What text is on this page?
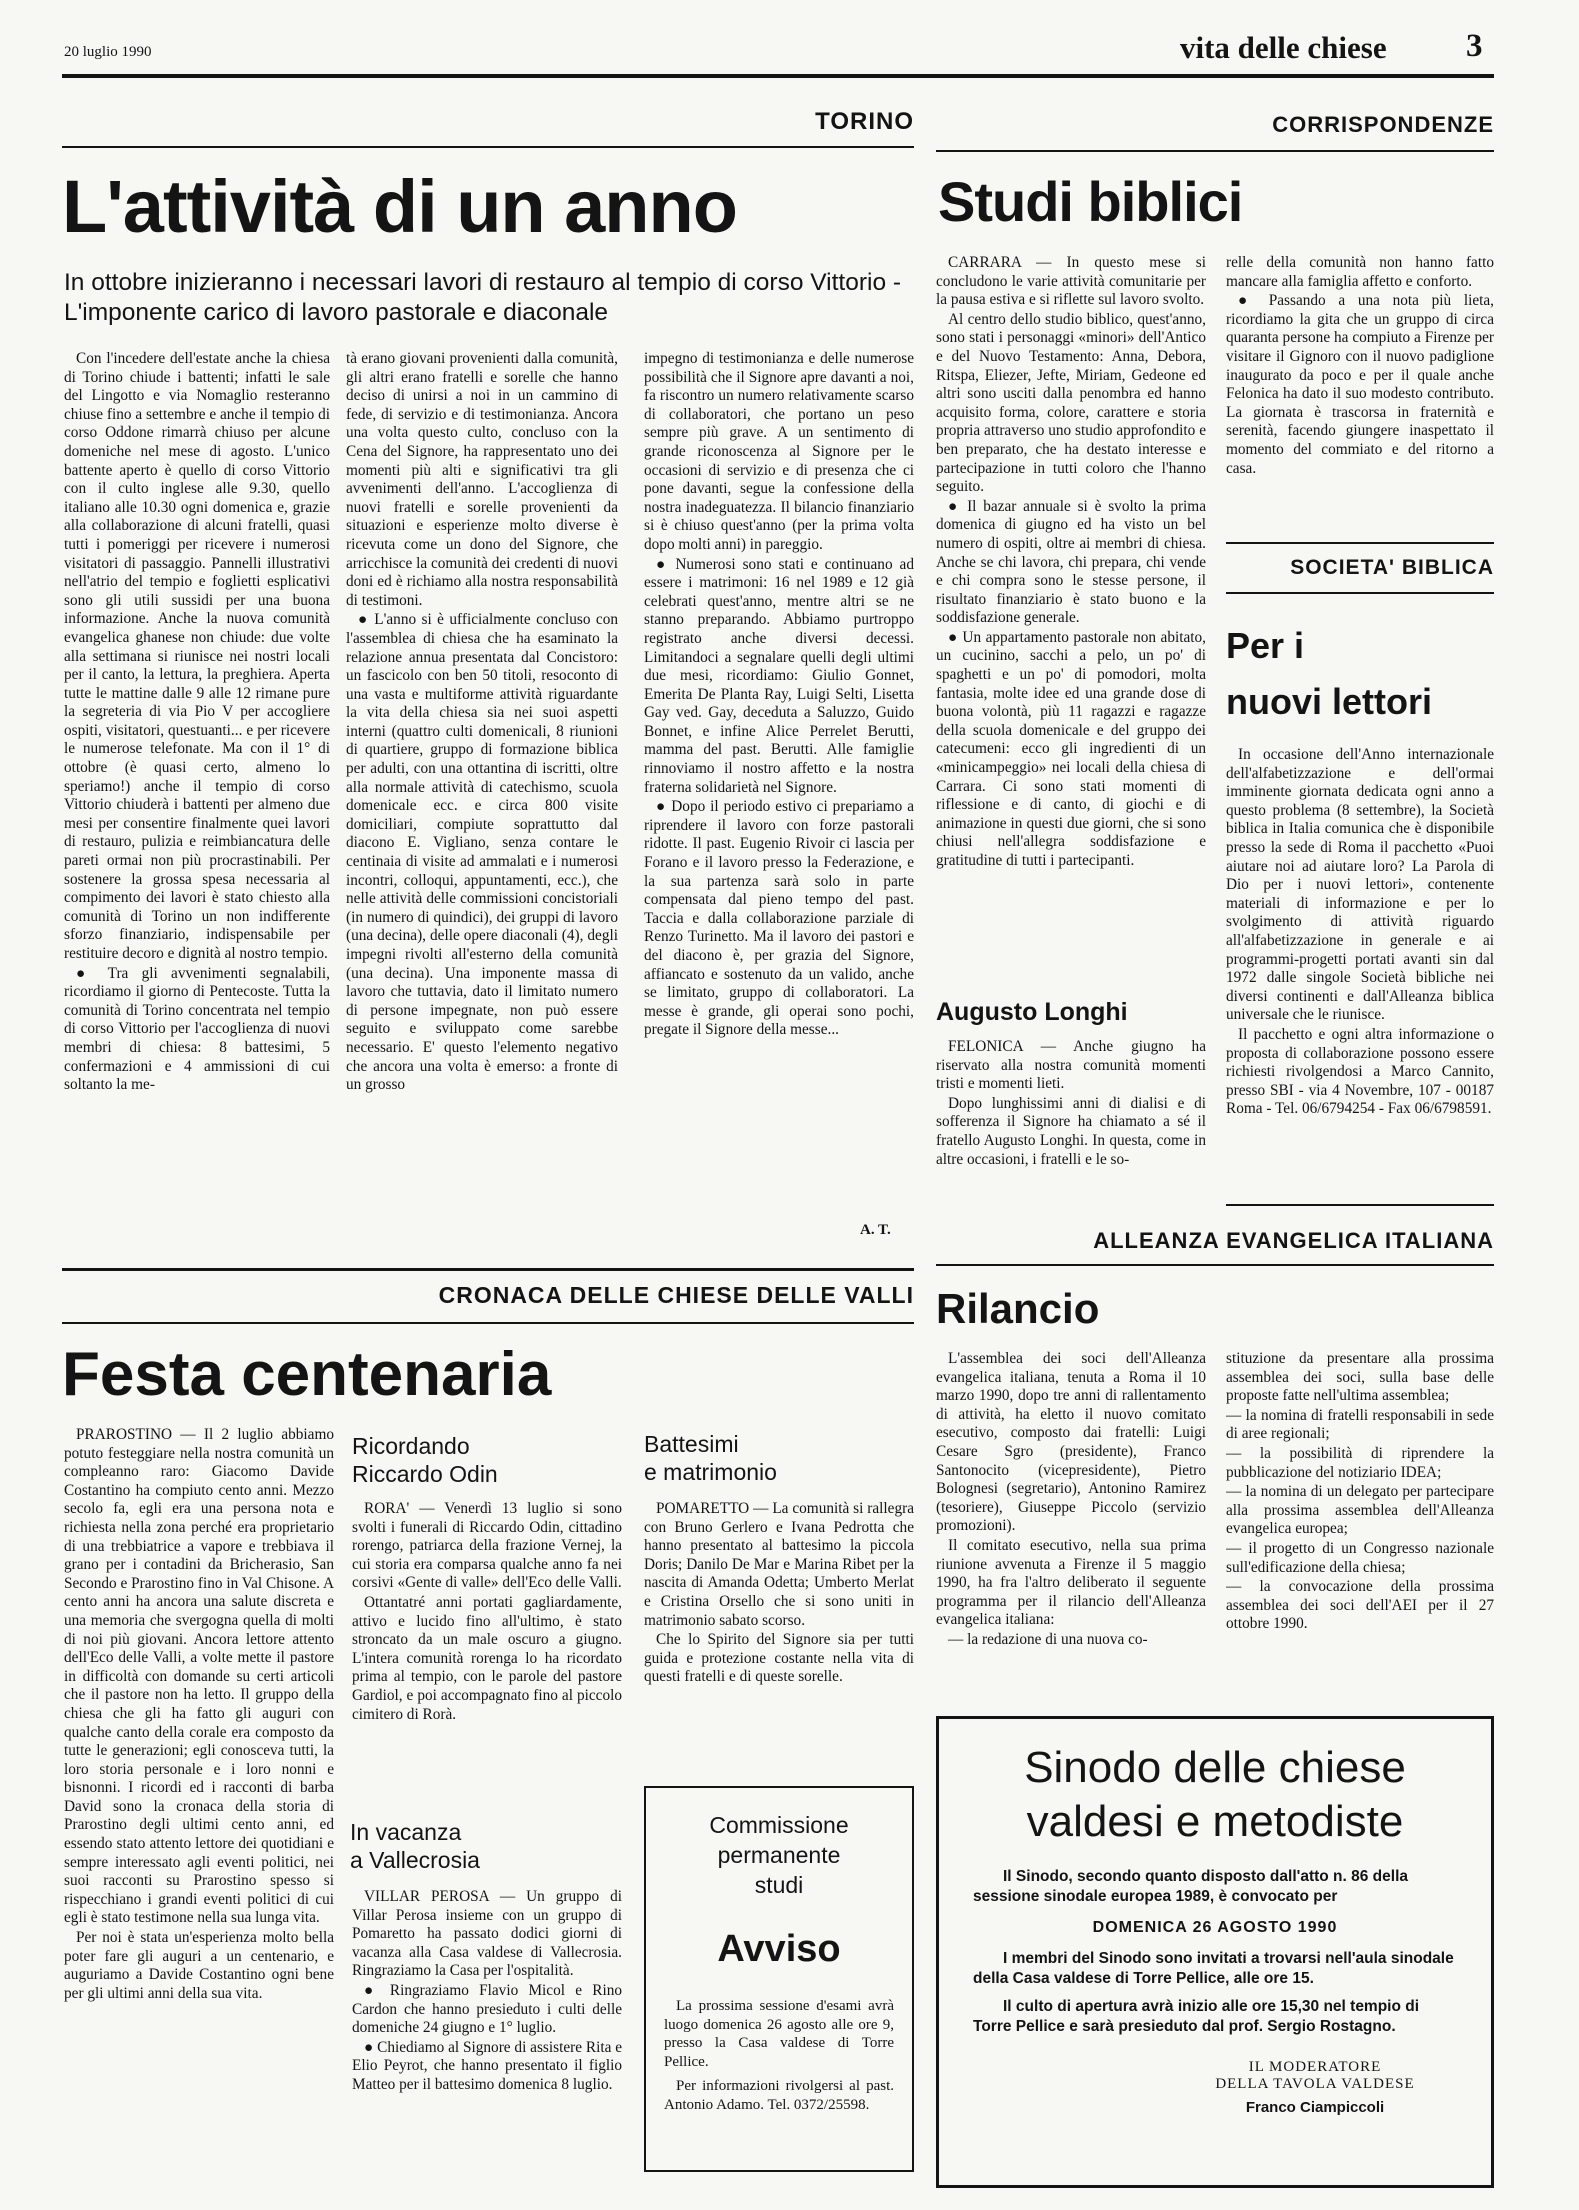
20 luglio 1990	vita delle chiese 3
TORINO
L'attività di un anno
In ottobre inizieranno i necessari lavori di restauro al tempio di corso Vittorio - L'imponente carico di lavoro pastorale e diaconale

Con l'incedere dell'estate anche la chiesa di Torino chiude i battenti; infatti le sale del Lingotto e via Nomaglio resteranno chiuse fino a settembre e anche il tempio di corso Oddone rimarrà chiuso per alcune domeniche nel mese di agosto. L'unico battente aperto è quello di corso Vittorio con il culto inglese alle 9.30, quello italiano alle 10.30 ogni domenica e, grazie alla collaborazione di alcuni fratelli, quasi tutti i pomeriggi per ricevere i numerosi visitatori di passaggio. Pannelli illustrativi nell'atrio del tempio e foglietti esplicativi sono gli utili sussidi per una buona informazione. Anche la nuova comunità evangelica ghanese non chiude: due volte alla settimana si riunisce nei nostri locali per il canto, la lettura, la preghiera. Aperta tutte le mattine dalle 9 alle 12 rimane pure la segreteria di via Pio V per accogliere ospiti, visitatori, questuanti... e per ricevere le numerose telefonate. Ma con il 1° di ottobre (è quasi certo, almeno lo speriamo!) anche il tempio di corso Vittorio chiuderà i battenti per almeno due mesi per consentire finalmente quei lavori di restauro, pulizia e reimbiancatura delle pareti ormai non più procrastinabili. Per sostenere la grossa spesa necessaria al compimento dei lavori è stato chiesto alla comunità di Torino un non indifferente sforzo finanziario, indispensabile per restituire decoro e dignità al nostro tempio.

● Tra gli avvenimenti segnalabili, ricordiamo il giorno di Pentecoste. Tutta la comunità di Torino concentrata nel tempio di corso Vittorio per l'accoglienza di nuovi membri di chiesa: 8 battesimi, 5 confermazioni e 4 ammissioni di cui soltanto la me-

tà erano giovani provenienti dalla comunità, gli altri erano fratelli e sorelle che hanno deciso di unirsi a noi in un cammino di fede, di servizio e di testimonianza. Ancora una volta questo culto, concluso con la Cena del Signore, ha rappresentato uno dei momenti più alti e significativi tra gli avvenimenti dell'anno. L'accoglienza di nuovi fratelli e sorelle provenienti da situazioni e esperienze molto diverse è ricevuta come un dono del Signore, che arricchisce la comunità dei credenti di nuovi doni ed è richiamo alla nostra responsabilità di testimoni.

● L'anno si è ufficialmente concluso con l'assemblea di chiesa che ha esaminato la relazione annua presentata dal Concistoro: un fascicolo con ben 50 titoli, resoconto di una vasta e multiforme attività riguardante la vita della chiesa sia nei suoi aspetti interni (quattro culti domenicali, 8 riunioni di quartiere, gruppo di formazione biblica per adulti, con una ottantina di iscritti, oltre alla normale attività di catechismo, scuola domenicale ecc. e circa 800 visite domiciliari, compiute soprattutto dal diacono E. Vigliano, senza contare le centinaia di visite ad ammalati e i numerosi incontri, colloqui, appuntamenti, ecc.), che nelle attività delle commissioni concistoriali (in numero di quindici), dei gruppi di lavoro (una decina), delle opere diaconali (4), degli impegni rivolti all'esterno della comunità (una decina). Una imponente massa di lavoro che tuttavia, dato il limitato numero di persone impegnate, non può essere seguito e sviluppato come sarebbe necessario. E' questo l'elemento negativo che ancora una volta è emerso: a fronte di un grosso

impegno di testimonianza e delle numerose possibilità che il Signore apre davanti a noi, fa riscontro un numero relativamente scarso di collaboratori, che portano un peso sempre più grave. A un sentimento di grande riconoscenza al Signore per le occasioni di servizio e di presenza che ci pone davanti, segue la confessione della nostra inadeguatezza. Il bilancio finanziario si è chiuso quest'anno (per la prima volta dopo molti anni) in pareggio.

● Numerosi sono stati e continuano ad essere i matrimoni: 16 nel 1989 e 12 già celebrati quest'anno, mentre altri se ne stanno preparando. Abbiamo purtroppo registrato anche diversi decessi. Limitandoci a segnalare quelli degli ultimi due mesi, ricordiamo: Giulio Gonnet, Emerita De Planta Ray, Luigi Selti, Lisetta Gay ved. Gay, deceduta a Saluzzo, Guido Bonnet, e infine Alice Perrelet Berutti, mamma del past. Berutti. Alle famiglie rinnoviamo il nostro affetto e la nostra fraterna solidarietà nel Signore.

● Dopo il periodo estivo ci prepariamo a riprendere il lavoro con forze pastorali ridotte. Il past. Eugenio Rivoir ci lascia per Forano e il lavoro presso la Federazione, e la sua partenza sarà solo in parte compensata dal pieno tempo del past. Taccia e dalla collaborazione parziale di Renzo Turinetto. Ma il lavoro dei pastori e del diacono è, per grazia del Signore, affiancato e sostenuto da un valido, anche se limitato, gruppo di collaboratori. La messe è grande, gli operai sono pochi, pregate il Signore della messe...

A. T.
CORRISPONDENZE
Studi biblici

CARRARA — In questo mese si concludono le varie attività comunitarie per la pausa estiva e si riflette sul lavoro svolto.

Al centro dello studio biblico, quest'anno, sono stati i personaggi «minori» dell'Antico e del Nuovo Testamento: Anna, Debora, Ritspa, Eliezer, Jefte, Miriam, Gedeone ed altri sono usciti dalla penombra ed hanno acquisito forma, colore, carattere e storia propria attraverso uno studio approfondito e ben preparato, che ha destato interesse e partecipazione in tutti coloro che l'hanno seguito.

● Il bazar annuale si è svolto la prima domenica di giugno ed ha visto un bel numero di ospiti, oltre ai membri di chiesa. Anche se chi lavora, chi prepara, chi vende e chi compra sono le stesse persone, il risultato finanziario è stato buono e la soddisfazione generale.

● Un appartamento pastorale non abitato, un cucinino, sacchi a pelo, un po' di spaghetti e un po' di pomodori, molta fantasia, molte idee ed una grande dose di buona volontà, più 11 ragazzi e ragazze della scuola domenicale e del gruppo dei catecumeni: ecco gli ingredienti di un «minicampeggio» nei locali della chiesa di Carrara. Ci sono stati momenti di riflessione e di canto, di giochi e di animazione in questi due giorni, che si sono chiusi nell'allegra soddisfazione e gratitudine di tutti i partecipanti.

Augusto Longhi

FELONICA — Anche giugno ha riservato alla nostra comunità momenti tristi e momenti lieti.

Dopo lunghissimi anni di dialisi e di sofferenza il Signore ha chiamato a sé il fratello Augusto Longhi. In questa, come in altre occasioni, i fratelli e le so-

relle della comunità non hanno fatto mancare alla famiglia affetto e conforto.

● Passando a una nota più lieta, ricordiamo la gita che un gruppo di circa quaranta persone ha compiuto a Firenze per visitare il Gignoro con il nuovo padiglione inaugurato da poco e per il quale anche Felonica ha dato il suo modesto contributo. La giornata è trascorsa in fraternità e serenità, facendo giungere inaspettato il momento del commiato e del ritorno a casa.

SOCIETA' BIBLICA
Per i
nuovi lettori

In occasione dell'Anno internazionale dell'alfabetizzazione e dell'ormai imminente giornata dedicata ogni anno a questo problema (8 settembre), la Società biblica in Italia comunica che è disponibile presso la sede di Roma il pacchetto «Puoi aiutare noi ad aiutare loro? La Parola di Dio per i nuovi lettori», contenente materiali di informazione e per lo svolgimento di attività riguardo all'alfabetizzazione in generale e ai programmi-progetti portati avanti sin dal 1972 dalle singole Società bibliche nei diversi continenti e dall'Alleanza biblica universale che le riunisce.

Il pacchetto e ogni altra informazione o proposta di collaborazione possono essere richiesti rivolgendosi a Marco Cannito, presso SBI - via 4 Novembre, 107 - 00187 Roma - Tel. 06/6794254 - Fax 06/6798591.

ALLEANZA EVANGELICA ITALIANA
Rilancio

L'assemblea dei soci dell'Alleanza evangelica italiana, tenuta a Roma il 10 marzo 1990, dopo tre anni di rallentamento di attività, ha eletto il nuovo comitato esecutivo, composto dai fratelli: Luigi Cesare Sgro (presidente), Franco Santonocito (vicepresidente), Pietro Bolognesi (segretario), Antonino Ramirez (tesoriere), Giuseppe Piccolo (servizio promozioni).

Il comitato esecutivo, nella sua prima riunione avvenuta a Firenze il 5 maggio 1990, ha fra l'altro deliberato il seguente programma per il rilancio dell'Alleanza evangelica italiana:

— la redazione di una nuova co-

stituzione da presentare alla prossima assemblea dei soci, sulla base delle proposte fatte nell'ultima assemblea;

— la nomina di fratelli responsabili in sede di aree regionali;

— la possibilità di riprendere la pubblicazione del notiziario IDEA;

— la nomina di un delegato per partecipare alla prossima assemblea dell'Alleanza evangelica europea;

— il progetto di un Congresso nazionale sull'edificazione della chiesa;

— la convocazione della prossima assemblea dei soci dell'AEI per il 27 ottobre 1990.

CRONACA DELLE CHIESE DELLE VALLI
Festa centenaria

PRAROSTINO — Il 2 luglio abbiamo potuto festeggiare nella nostra comunità un compleanno raro: Giacomo Davide Costantino ha compiuto cento anni. Mezzo secolo fa, egli era una persona nota e richiesta nella zona perché era proprietario di una trebbiatrice a vapore e trebbiava il grano per i contadini da Bricherasio, San Secondo e Prarostino fino in Val Chisone. A cento anni ha ancora una salute discreta e una memoria che svergogna quella di molti di noi più giovani. Ancora lettore attento dell'Eco delle Valli, a volte mette il pastore in difficoltà con domande su certi articoli che il pastore non ha letto. Il gruppo della chiesa che gli ha fatto gli auguri con qualche canto della corale era composto da tutte le generazioni; egli conosceva tutti, la loro storia personale e i loro nonni e bisnonni. I ricordi ed i racconti di barba David sono la cronaca della storia di Prarostino degli ultimi cento anni, ed essendo stato attento lettore dei quotidiani e sempre interessato agli eventi politici, nei suoi racconti su Prarostino spesso si rispecchiano i grandi eventi politici di cui egli è stato testimone nella sua lunga vita.

Per noi è stata un'esperienza molto bella poter fare gli auguri a un centenario, e auguriamo a Davide Costantino ogni bene per gli ultimi anni della sua vita.

Ricordando
Riccardo Odin

RORA' — Venerdì 13 luglio si sono svolti i funerali di Riccardo Odin, cittadino rorengo, patriarca della frazione Vernej, la cui storia era comparsa qualche anno fa nei corsivi «Gente di valle» dell'Eco delle Valli.

Ottantatré anni portati gagliardamente, attivo e lucido fino all'ultimo, è stato stroncato da un male oscuro a giugno. L'intera comunità rorenga lo ha ricordato prima al tempio, con le parole del pastore Gardiol, e poi accompagnato fino al piccolo cimitero di Rorà.

In vacanza
a Vallecrosia

VILLAR PEROSA — Un gruppo di Villar Perosa insieme con un gruppo di Pomaretto ha passato dodici giorni di vacanza alla Casa valdese di Vallecrosia. Ringraziamo la Casa per l'ospitalità.

● Ringraziamo Flavio Micol e Rino Cardon che hanno presieduto i culti delle domeniche 24 giugno e 1° luglio.

● Chiediamo al Signore di assistere Rita e Elio Peyrot, che hanno presentato il figlio Matteo per il battesimo domenica 8 luglio.

Battesimi
e matrimonio

POMARETTO — La comunità si rallegra con Bruno Gerlero e Ivana Pedrotta che hanno presentato al battesimo la piccola Doris; Danilo De Mar e Marina Ribet per la nascita di Amanda Odetta; Umberto Merlat e Cristina Orsello che si sono uniti in matrimonio sabato scorso.

Che lo Spirito del Signore sia per tutti guida e protezione costante nella vita di questi fratelli e di queste sorelle.

Commissione
permanente
studi
Avviso
La prossima sessione d'esami avrà luogo domenica 26 agosto alle ore 9, presso la Casa valdese di Torre Pellice.
Per informazioni rivolgersi al past. Antonio Adamo. Tel. 0372/25598.
Sinodo delle chiese
valdesi e metodiste
Il Sinodo, secondo quanto disposto dall'atto n. 86 della sessione sinodale europea 1989, è convocato per
DOMENICA 26 AGOSTO 1990
I membri del Sinodo sono invitati a trovarsi nell'aula sinodale della Casa valdese di Torre Pellice, alle ore 15.
Il culto di apertura avrà inizio alle ore 15,30 nel tempio di Torre Pellice e sarà presieduto dal prof. Sergio Rostagno.
IL MODERATORE
DELLA TAVOLA VALDESE
Franco Ciampiccoli
